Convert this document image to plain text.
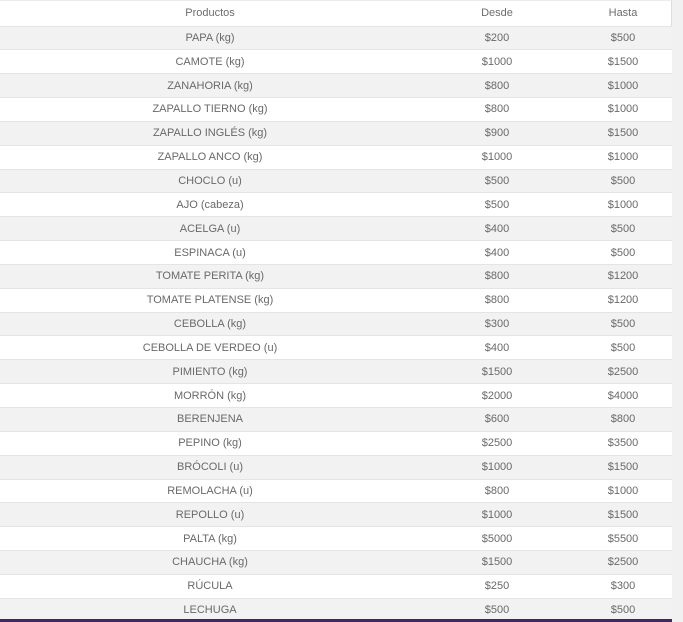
Productos	Desde	Hasta
PAPA (kg)	$200	$500
CAMOTE (kg)	$1000	$1500
ZANAHORIA (kg)	$800	$1000
ZAPALLO TIERNO (kg)	$800	$1000
ZAPALLO INGLÉS (kg)	$900	$1500
ZAPALLO ANCO (kg)	$1000	$1000
CHOCLO (u)	$500	$500
AJO (cabeza)	$500	$1000
ACELGA (u)	$400	$500
ESPINACA (u)	$400	$500
TOMATE PERITA (kg)	$800	$1200
TOMATE PLATENSE (kg)	$800	$1200
CEBOLLA (kg)	$300	$500
CEBOLLA DE VERDEO (u)	$400	$500
PIMIENTO (kg)	$1500	$2500
MORRÓN (kg)	$2000	$4000
BERENJENA	$600	$800
PEPINO (kg)	$2500	$3500
BRÓCOLI (u)	$1000	$1500
REMOLACHA (u)	$800	$1000
REPOLLO (u)	$1000	$1500
PALTA (kg)	$5000	$5500
CHAUCHA (kg)	$1500	$2500
RÚCULA	$250	$300
LECHUGA	$500	$500
